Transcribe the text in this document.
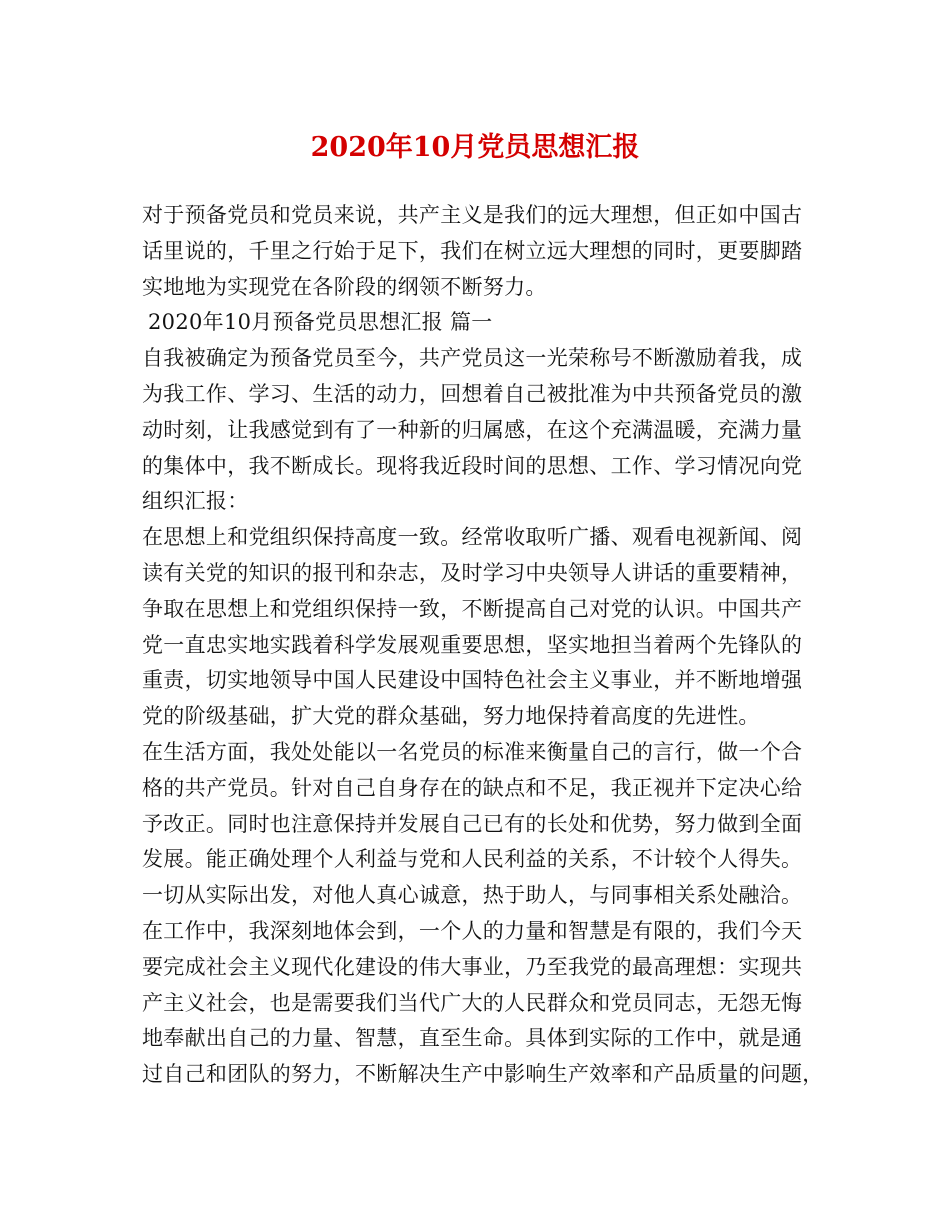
2020年10月党员思想汇报
对于预备党员和党员来说，共产主义是我们的远大理想，但正如中国古
话里说的，千里之行始于足下，我们在树立远大理想的同时，更要脚踏
实地地为实现党在各阶段的纲领不断努力。
2020年10月预备党员思想汇报 篇一
自我被确定为预备党员至今，共产党员这一光荣称号不断激励着我，成
为我工作、学习、生活的动力，回想着自己被批准为中共预备党员的激
动时刻，让我感觉到有了一种新的归属感，在这个充满温暖，充满力量
的集体中，我不断成长。现将我近段时间的思想、工作、学习情况向党
组织汇报：
在思想上和党组织保持高度一致。经常收取听广播、观看电视新闻、阅
读有关党的知识的报刊和杂志，及时学习中央领导人讲话的重要精神，
争取在思想上和党组织保持一致，不断提高自己对党的认识。中国共产
党一直忠实地实践着科学发展观重要思想，坚实地担当着两个先锋队的
重责，切实地领导中国人民建设中国特色社会主义事业，并不断地增强
党的阶级基础，扩大党的群众基础，努力地保持着高度的先进性。
在生活方面，我处处能以一名党员的标准来衡量自己的言行，做一个合
格的共产党员。针对自己自身存在的缺点和不足，我正视并下定决心给
予改正。同时也注意保持并发展自己已有的长处和优势，努力做到全面
发展。能正确处理个人利益与党和人民利益的关系，不计较个人得失。
一切从实际出发，对他人真心诚意，热于助人，与同事相关系处融洽。
在工作中，我深刻地体会到，一个人的力量和智慧是有限的，我们今天
要完成社会主义现代化建设的伟大事业，乃至我党的最高理想：实现共
产主义社会，也是需要我们当代广大的人民群众和党员同志，无怨无悔
地奉献出自己的力量、智慧，直至生命。具体到实际的工作中，就是通
过自己和团队的努力，不断解决生产中影响生产效率和产品质量的问题，
